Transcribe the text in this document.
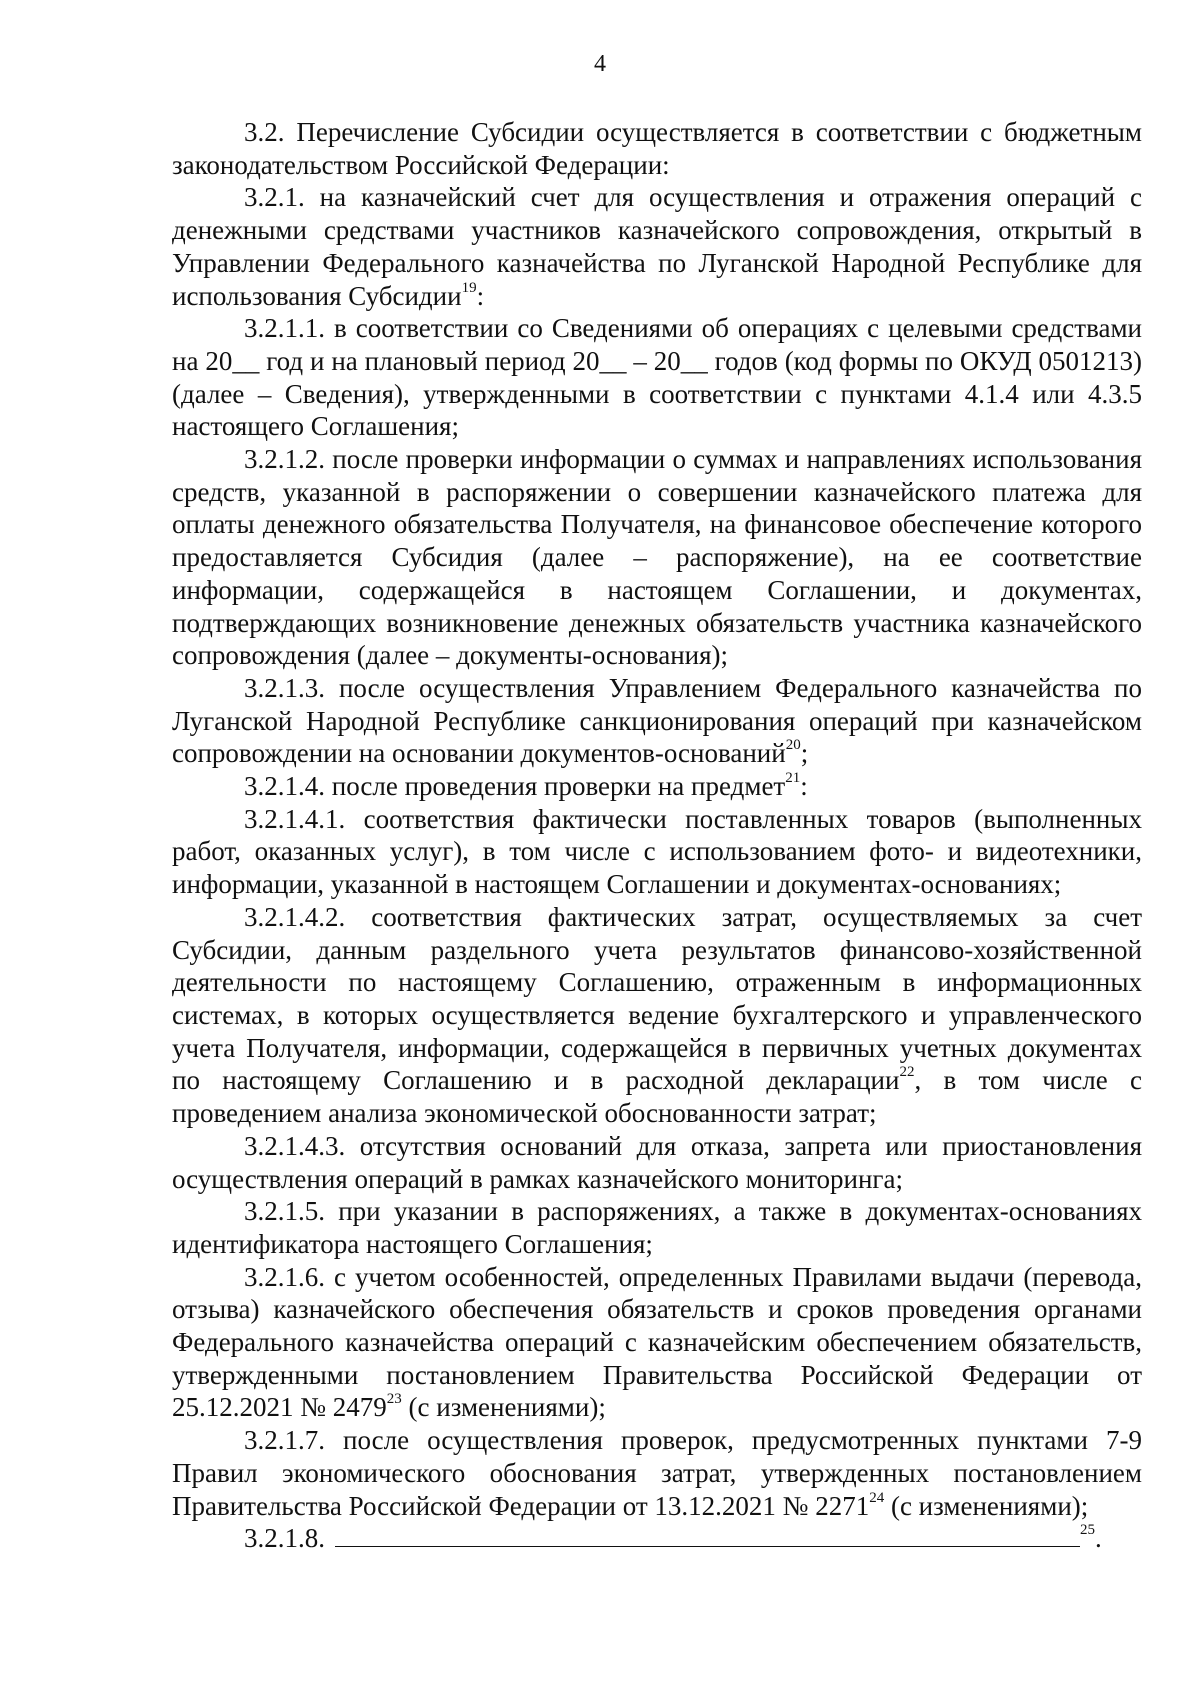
4

3.2. Перечисление Субсидии осуществляется в соответствии с бюджетным законодательством Российской Федерации:

3.2.1. на казначейский счет для осуществления и отражения операций с денежными средствами участников казначейского сопровождения, открытый в Управлении Федерального казначейства по Луганской Народной Республике для использования Субсидии$^{19}$:

3.2.1.1. в соответствии со Сведениями об операциях с целевыми средствами на 20__ год и на плановый период 20__ – 20__ годов (код формы по ОКУД 0501213) (далее – Сведения), утвержденными в соответствии с пунктами 4.1.4 или 4.3.5 настоящего Соглашения;

3.2.1.2. после проверки информации о суммах и направлениях использования средств, указанной в распоряжении о совершении казначейского платежа для оплаты денежного обязательства Получателя, на финансовое обеспечение которого предоставляется Субсидия (далее – распоряжение), на ее соответствие информации, содержащейся в настоящем Соглашении, и документах, подтверждающих возникновение денежных обязательств участника казначейского сопровождения (далее – документы-основания);

3.2.1.3. после осуществления Управлением Федерального казначейства по Луганской Народной Республике санкционирования операций при казначейском сопровождении на основании документов-оснований$^{20}$;

3.2.1.4. после проведения проверки на предмет$^{21}$:

3.2.1.4.1. соответствия фактически поставленных товаров (выполненных работ, оказанных услуг), в том числе с использованием фото- и видеотехники, информации, указанной в настоящем Соглашении и документах-основаниях;

3.2.1.4.2. соответствия фактических затрат, осуществляемых за счет Субсидии, данным раздельного учета результатов финансово-хозяйственной деятельности по настоящему Соглашению, отраженным в информационных системах, в которых осуществляется ведение бухгалтерского и управленческого учета Получателя, информации, содержащейся в первичных учетных документах по настоящему Соглашению и в расходной декларации$^{22}$, в том числе с проведением анализа экономической обоснованности затрат;

3.2.1.4.3. отсутствия оснований для отказа, запрета или приостановления осуществления операций в рамках казначейского мониторинга;

3.2.1.5. при указании в распоряжениях, а также в документах-основаниях идентификатора настоящего Соглашения;

3.2.1.6. с учетом особенностей, определенных Правилами выдачи (перевода, отзыва) казначейского обеспечения обязательств и сроков проведения органами Федерального казначейства операций с казначейским обеспечением обязательств, утвержденными постановлением Правительства Российской Федерации от 25.12.2021 № 2479$^{23}$ (с изменениями);

3.2.1.7. после осуществления проверок, предусмотренных пунктами 7-9 Правил экономического обоснования затрат, утвержденных постановлением Правительства Российской Федерации от 13.12.2021 № 2271$^{24}$ (с изменениями);

3.2.1.8.	$^{25}$.
